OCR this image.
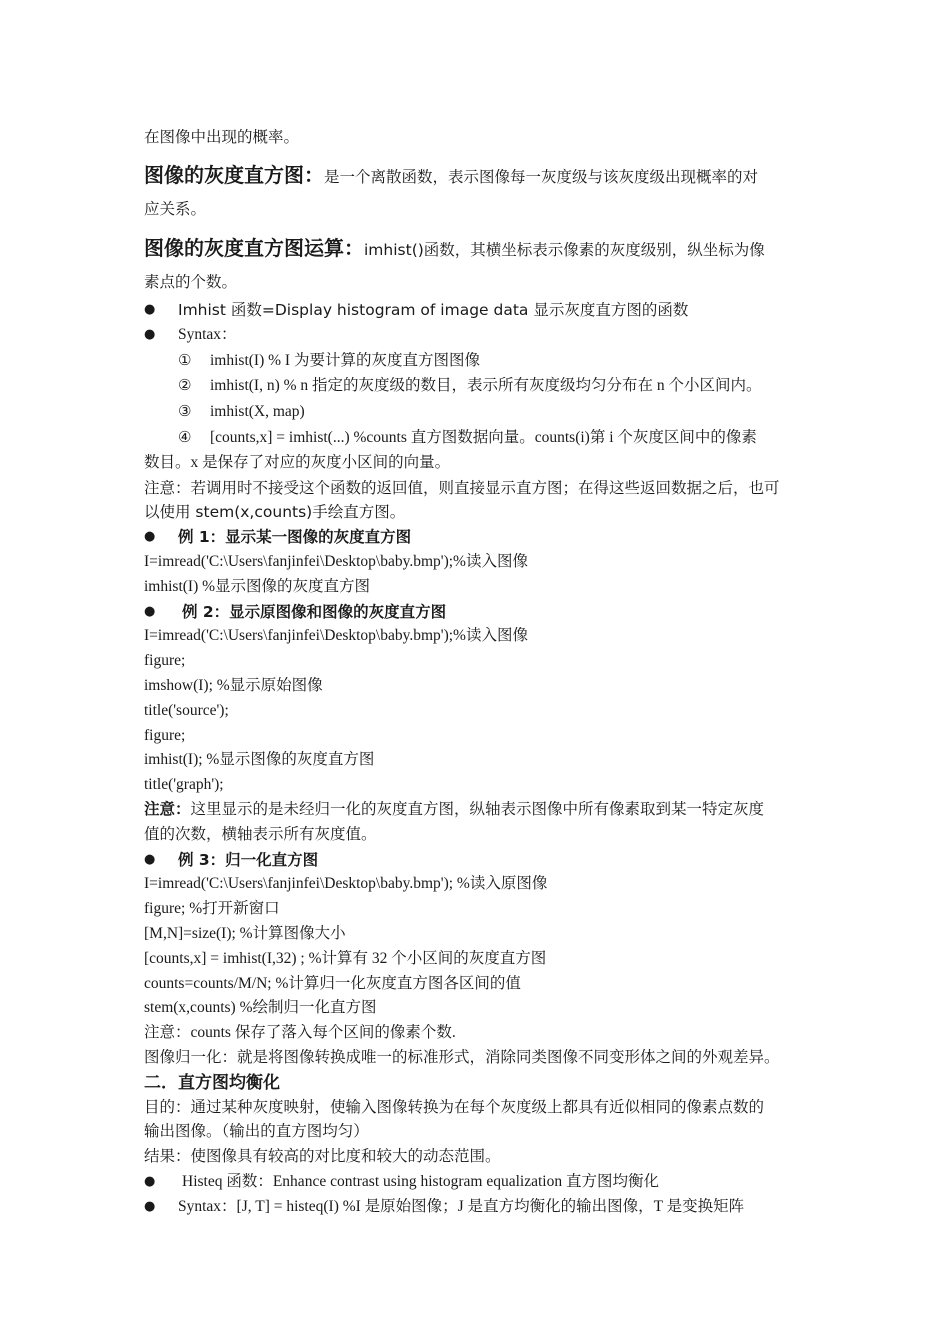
在图像中出现的概率。
图像的灰度直方图：是一个离散函数，表示图像每一灰度级与该灰度级出现概率的对
应关系。
图像的灰度直方图运算：imhist()函数，其横坐标表示像素的灰度级别，纵坐标为像
素点的个数。
● Imhist 函数=Display histogram of image data 显示灰度直方图的函数
● Syntax：
① imhist(I) % I 为要计算的灰度直方图图像
② imhist(I, n) % n 指定的灰度级的数目，表示所有灰度级均匀分布在 n 个小区间内。
③ imhist(X, map)
④ [counts,x] = imhist(...) %counts 直方图数据向量。counts(i)第 i 个灰度区间中的像素
数目。x 是保存了对应的灰度小区间的向量。
注意：若调用时不接受这个函数的返回值，则直接显示直方图；在得这些返回数据之后，也可
以使用 stem(x,counts)手绘直方图。
● 例 1：显示某一图像的灰度直方图
I=imread('C:\Users\fanjinfei\Desktop\baby.bmp');%读入图像
imhist(I) %显示图像的灰度直方图
● 例 2：显示原图像和图像的灰度直方图
I=imread('C:\Users\fanjinfei\Desktop\baby.bmp');%读入图像
figure;
imshow(I); %显示原始图像
title('source');
figure;
imhist(I); %显示图像的灰度直方图
title('graph');
注意：这里显示的是未经归一化的灰度直方图，纵轴表示图像中所有像素取到某一特定灰度
值的次数，横轴表示所有灰度值。
● 例 3：归一化直方图
I=imread('C:\Users\fanjinfei\Desktop\baby.bmp'); %读入原图像
figure; %打开新窗口
[M,N]=size(I); %计算图像大小
[counts,x] = imhist(I,32) ; %计算有 32 个小区间的灰度直方图
counts=counts/M/N; %计算归一化灰度直方图各区间的值
stem(x,counts) %绘制归一化直方图
注意：counts 保存了落入每个区间的像素个数.
图像归一化：就是将图像转换成唯一的标准形式，消除同类图像不同变形体之间的外观差异。
二．直方图均衡化
目的：通过某种灰度映射，使输入图像转换为在每个灰度级上都具有近似相同的像素点数的
输出图像。（输出的直方图均匀）
结果：使图像具有较高的对比度和较大的动态范围。
● Histeq 函数：Enhance contrast using histogram equalization 直方图均衡化
● Syntax：[J, T] = histeq(I) %I 是原始图像；J 是直方均衡化的输出图像，T 是变换矩阵
